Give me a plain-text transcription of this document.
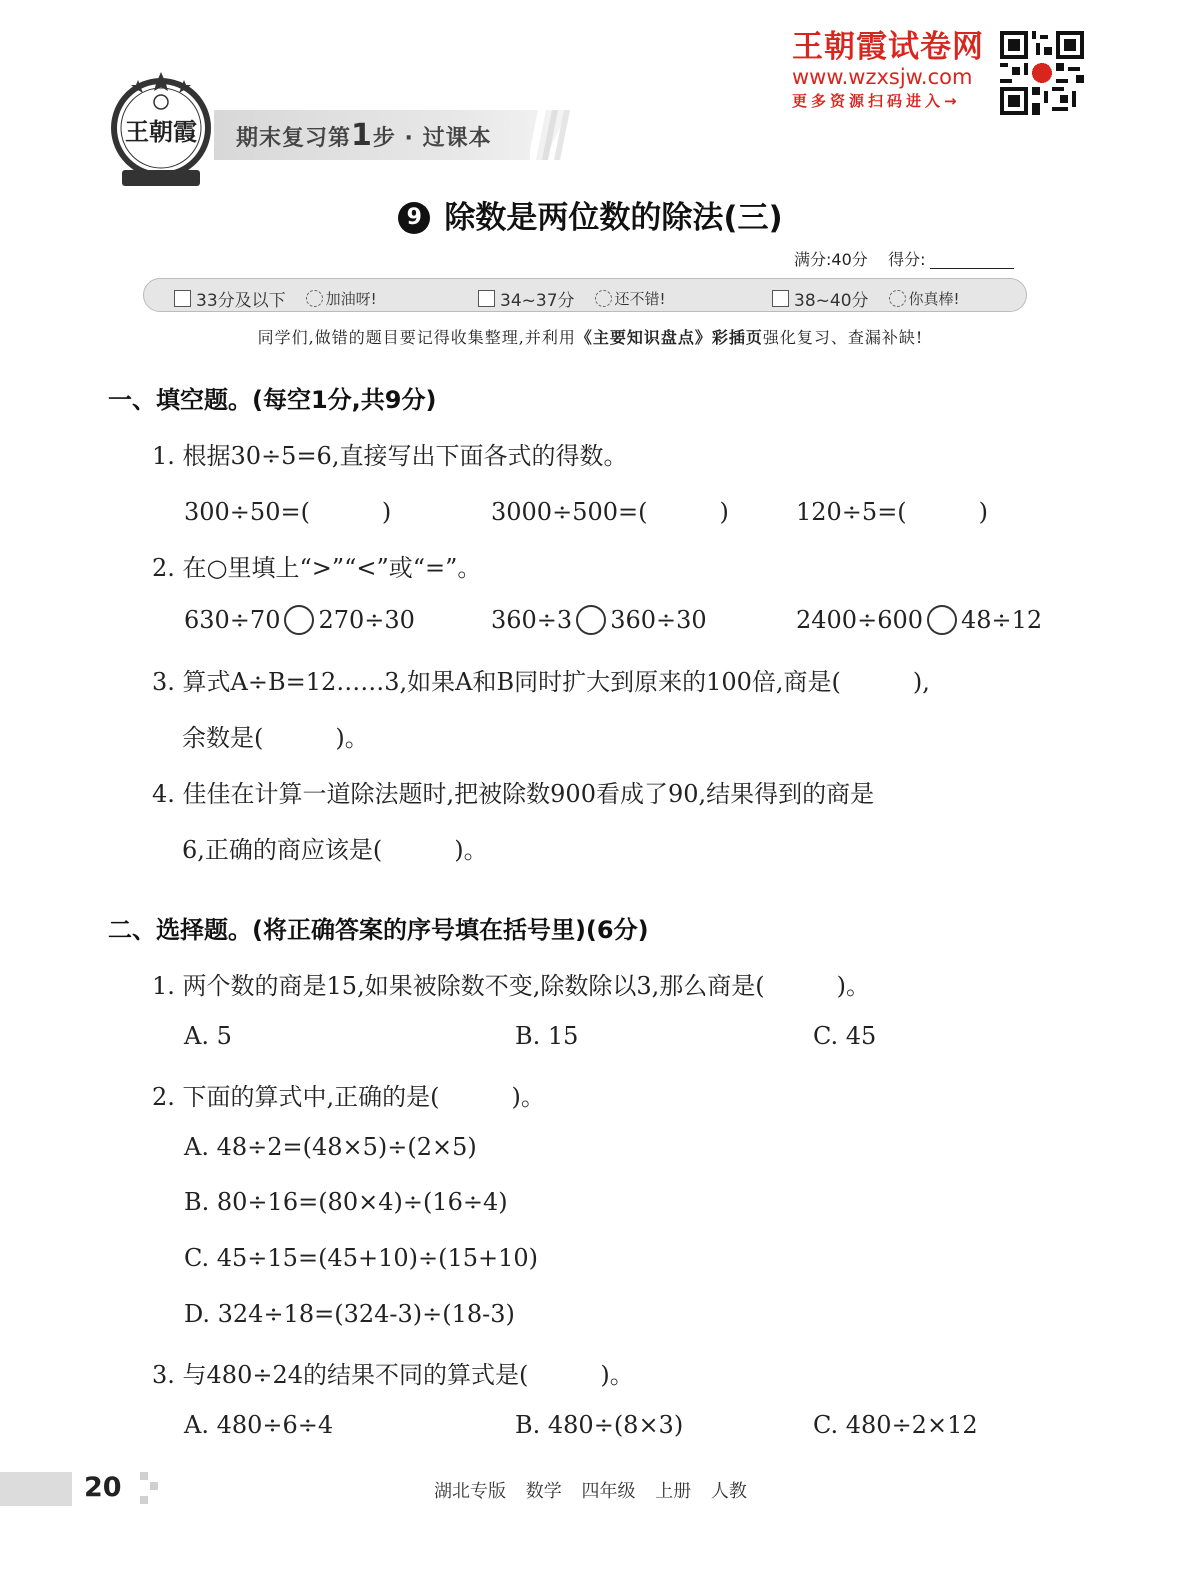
王朝霞 期末复习第1步 · 过课本
王朝霞试卷网
www.wzxsjw.com
更多资源扫码进入→
9 除数是两位数的除法(三)
满分:40分 得分:
33分及以下	加油呀!	34~37分	还不错!	38~40分	你真棒!
同学们,做错的题目要记得收集整理,并利用《主要知识盘点》彩插页强化复习、查漏补缺!
一、填空题。(每空1分,共9分)
1. 根据30÷5=6,直接写出下面各式的得数。
300÷50=(　　　)	3000÷500=(　　　)	120÷5=(　　　)
2. 在○里填上“>”“<”或“=”。
630÷70 270÷30	360÷3 360÷30	2400÷600 48÷12
3. 算式A÷B=12……3,如果A和B同时扩大到原来的100倍,商是(　　　),
余数是(　　　)。
4. 佳佳在计算一道除法题时,把被除数900看成了90,结果得到的商是
6,正确的商应该是(　　　)。
二、选择题。(将正确答案的序号填在括号里)(6分)
1. 两个数的商是15,如果被除数不变,除数除以3,那么商是(　　　)。
A. 5	B. 15	C. 45
2. 下面的算式中,正确的是(　　　)。
A. 48÷2=(48×5)÷(2×5)
B. 80÷16=(80×4)÷(16÷4)
C. 45÷15=(45+10)÷(15+10)
D. 324÷18=(324-3)÷(18-3)
3. 与480÷24的结果不同的算式是(　　　)。
A. 480÷6÷4	B. 480÷(8×3)	C. 480÷2×12
20	湖北专版 数学 四年级 上册 人教
